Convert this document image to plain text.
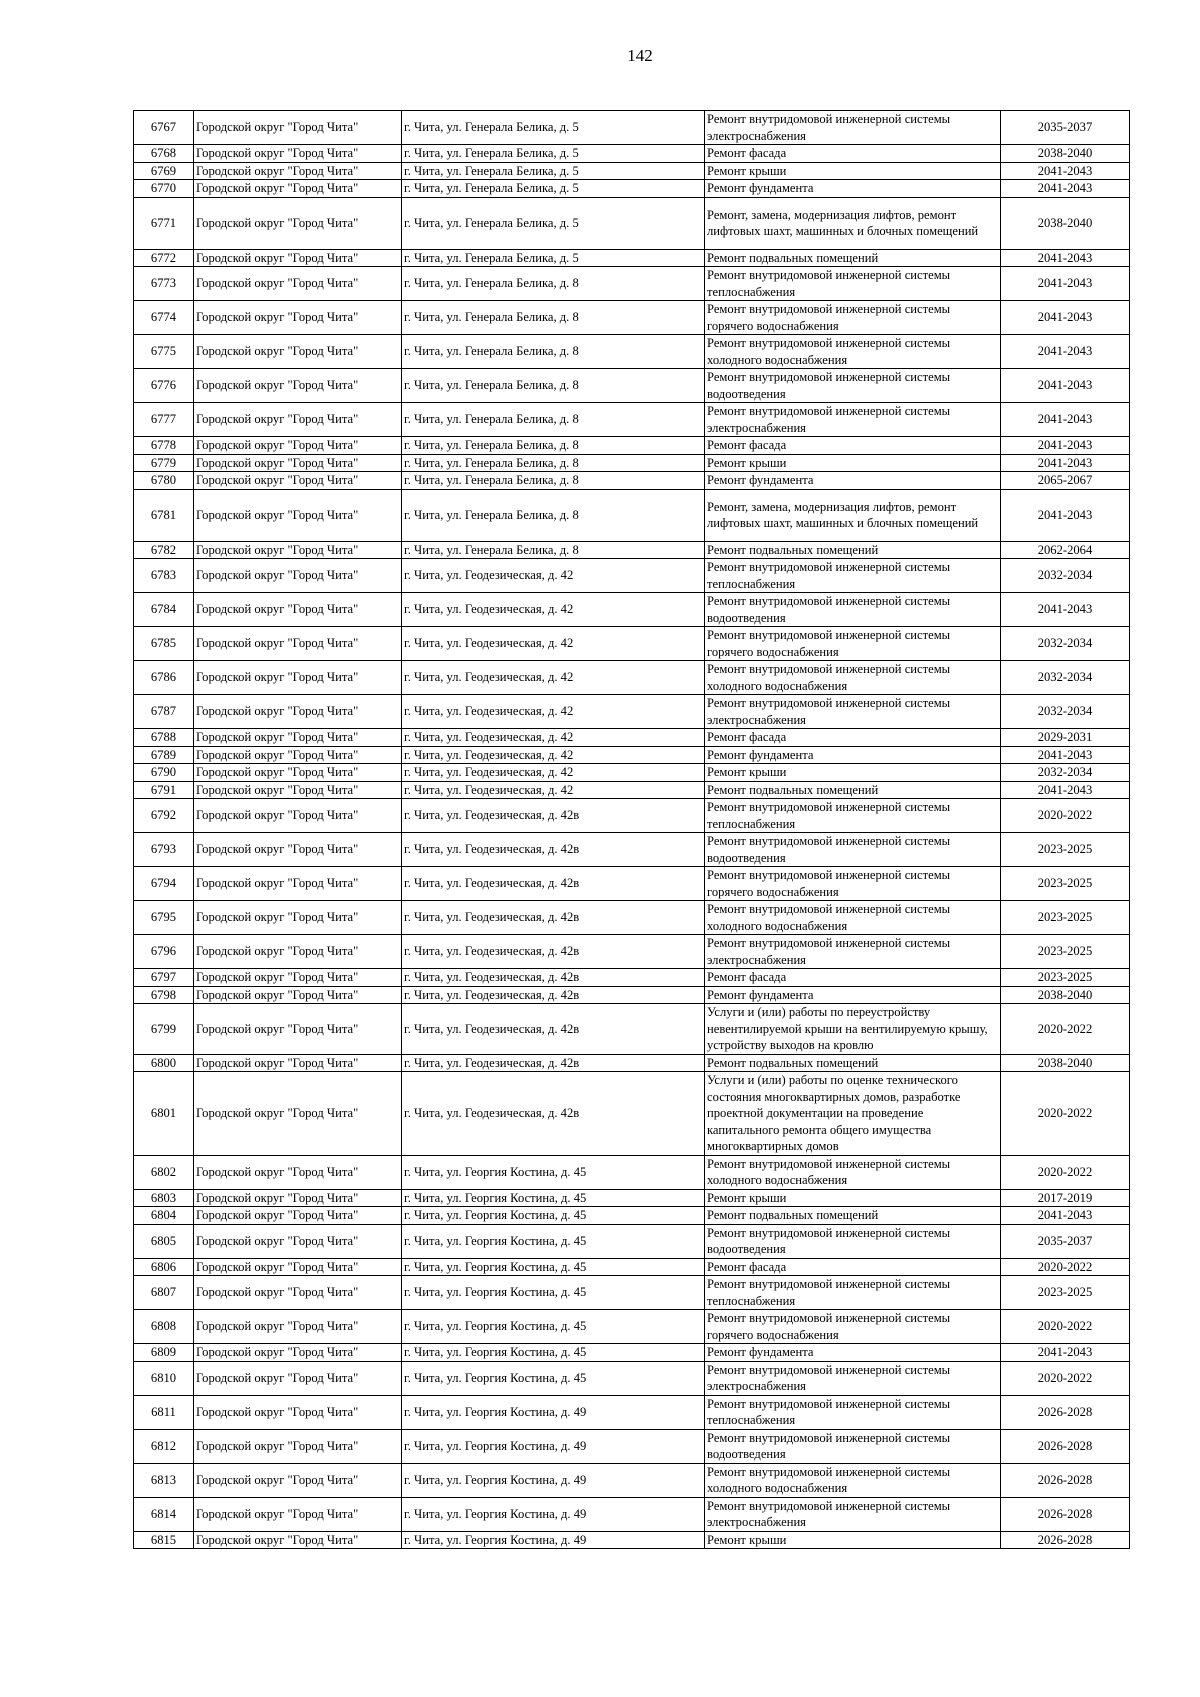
142
6767	Городской округ "Город Чита"	г. Чита, ул. Генерала Белика, д. 5	Ремонт внутридомовой инженерной системы электроснабжения	2035-2037
6768	Городской округ "Город Чита"	г. Чита, ул. Генерала Белика, д. 5	Ремонт фасада	2038-2040
6769	Городской округ "Город Чита"	г. Чита, ул. Генерала Белика, д. 5	Ремонт крыши	2041-2043
6770	Городской округ "Город Чита"	г. Чита, ул. Генерала Белика, д. 5	Ремонт фундамента	2041-2043
6771	Городской округ "Город Чита"	г. Чита, ул. Генерала Белика, д. 5	Ремонт, замена, модернизация лифтов, ремонт лифтовых шахт, машинных и блочных помещений	2038-2040
6772	Городской округ "Город Чита"	г. Чита, ул. Генерала Белика, д. 5	Ремонт подвальных помещений	2041-2043
6773	Городской округ "Город Чита"	г. Чита, ул. Генерала Белика, д. 8	Ремонт внутридомовой инженерной системы теплоснабжения	2041-2043
6774	Городской округ "Город Чита"	г. Чита, ул. Генерала Белика, д. 8	Ремонт внутридомовой инженерной системы горячего водоснабжения	2041-2043
6775	Городской округ "Город Чита"	г. Чита, ул. Генерала Белика, д. 8	Ремонт внутридомовой инженерной системы холодного водоснабжения	2041-2043
6776	Городской округ "Город Чита"	г. Чита, ул. Генерала Белика, д. 8	Ремонт внутридомовой инженерной системы водоотведения	2041-2043
6777	Городской округ "Город Чита"	г. Чита, ул. Генерала Белика, д. 8	Ремонт внутридомовой инженерной системы электроснабжения	2041-2043
6778	Городской округ "Город Чита"	г. Чита, ул. Генерала Белика, д. 8	Ремонт фасада	2041-2043
6779	Городской округ "Город Чита"	г. Чита, ул. Генерала Белика, д. 8	Ремонт крыши	2041-2043
6780	Городской округ "Город Чита"	г. Чита, ул. Генерала Белика, д. 8	Ремонт фундамента	2065-2067
6781	Городской округ "Город Чита"	г. Чита, ул. Генерала Белика, д. 8	Ремонт, замена, модернизация лифтов, ремонт лифтовых шахт, машинных и блочных помещений	2041-2043
6782	Городской округ "Город Чита"	г. Чита, ул. Генерала Белика, д. 8	Ремонт подвальных помещений	2062-2064
6783	Городской округ "Город Чита"	г. Чита, ул. Геодезическая, д. 42	Ремонт внутридомовой инженерной системы теплоснабжения	2032-2034
6784	Городской округ "Город Чита"	г. Чита, ул. Геодезическая, д. 42	Ремонт внутридомовой инженерной системы водоотведения	2041-2043
6785	Городской округ "Город Чита"	г. Чита, ул. Геодезическая, д. 42	Ремонт внутридомовой инженерной системы горячего водоснабжения	2032-2034
6786	Городской округ "Город Чита"	г. Чита, ул. Геодезическая, д. 42	Ремонт внутридомовой инженерной системы холодного водоснабжения	2032-2034
6787	Городской округ "Город Чита"	г. Чита, ул. Геодезическая, д. 42	Ремонт внутридомовой инженерной системы электроснабжения	2032-2034
6788	Городской округ "Город Чита"	г. Чита, ул. Геодезическая, д. 42	Ремонт фасада	2029-2031
6789	Городской округ "Город Чита"	г. Чита, ул. Геодезическая, д. 42	Ремонт фундамента	2041-2043
6790	Городской округ "Город Чита"	г. Чита, ул. Геодезическая, д. 42	Ремонт крыши	2032-2034
6791	Городской округ "Город Чита"	г. Чита, ул. Геодезическая, д. 42	Ремонт подвальных помещений	2041-2043
6792	Городской округ "Город Чита"	г. Чита, ул. Геодезическая, д. 42в	Ремонт внутридомовой инженерной системы теплоснабжения	2020-2022
6793	Городской округ "Город Чита"	г. Чита, ул. Геодезическая, д. 42в	Ремонт внутридомовой инженерной системы водоотведения	2023-2025
6794	Городской округ "Город Чита"	г. Чита, ул. Геодезическая, д. 42в	Ремонт внутридомовой инженерной системы горячего водоснабжения	2023-2025
6795	Городской округ "Город Чита"	г. Чита, ул. Геодезическая, д. 42в	Ремонт внутридомовой инженерной системы холодного водоснабжения	2023-2025
6796	Городской округ "Город Чита"	г. Чита, ул. Геодезическая, д. 42в	Ремонт внутридомовой инженерной системы электроснабжения	2023-2025
6797	Городской округ "Город Чита"	г. Чита, ул. Геодезическая, д. 42в	Ремонт фасада	2023-2025
6798	Городской округ "Город Чита"	г. Чита, ул. Геодезическая, д. 42в	Ремонт фундамента	2038-2040
6799	Городской округ "Город Чита"	г. Чита, ул. Геодезическая, д. 42в	Услуги и (или) работы по переустройству невентилируемой крыши на вентилируемую крышу, устройству выходов на кровлю	2020-2022
6800	Городской округ "Город Чита"	г. Чита, ул. Геодезическая, д. 42в	Ремонт подвальных помещений	2038-2040
6801	Городской округ "Город Чита"	г. Чита, ул. Геодезическая, д. 42в	Услуги и (или) работы по оценке технического состояния многоквартирных домов, разработке проектной документации на проведение капитального ремонта общего имущества многоквартирных домов	2020-2022
6802	Городской округ "Город Чита"	г. Чита, ул. Георгия Костина, д. 45	Ремонт внутридомовой инженерной системы холодного водоснабжения	2020-2022
6803	Городской округ "Город Чита"	г. Чита, ул. Георгия Костина, д. 45	Ремонт крыши	2017-2019
6804	Городской округ "Город Чита"	г. Чита, ул. Георгия Костина, д. 45	Ремонт подвальных помещений	2041-2043
6805	Городской округ "Город Чита"	г. Чита, ул. Георгия Костина, д. 45	Ремонт внутридомовой инженерной системы водоотведения	2035-2037
6806	Городской округ "Город Чита"	г. Чита, ул. Георгия Костина, д. 45	Ремонт фасада	2020-2022
6807	Городской округ "Город Чита"	г. Чита, ул. Георгия Костина, д. 45	Ремонт внутридомовой инженерной системы теплоснабжения	2023-2025
6808	Городской округ "Город Чита"	г. Чита, ул. Георгия Костина, д. 45	Ремонт внутридомовой инженерной системы горячего водоснабжения	2020-2022
6809	Городской округ "Город Чита"	г. Чита, ул. Георгия Костина, д. 45	Ремонт фундамента	2041-2043
6810	Городской округ "Город Чита"	г. Чита, ул. Георгия Костина, д. 45	Ремонт внутридомовой инженерной системы электроснабжения	2020-2022
6811	Городской округ "Город Чита"	г. Чита, ул. Георгия Костина, д. 49	Ремонт внутридомовой инженерной системы теплоснабжения	2026-2028
6812	Городской округ "Город Чита"	г. Чита, ул. Георгия Костина, д. 49	Ремонт внутридомовой инженерной системы водоотведения	2026-2028
6813	Городской округ "Город Чита"	г. Чита, ул. Георгия Костина, д. 49	Ремонт внутридомовой инженерной системы холодного водоснабжения	2026-2028
6814	Городской округ "Город Чита"	г. Чита, ул. Георгия Костина, д. 49	Ремонт внутридомовой инженерной системы электроснабжения	2026-2028
6815	Городской округ "Город Чита"	г. Чита, ул. Георгия Костина, д. 49	Ремонт крыши	2026-2028
